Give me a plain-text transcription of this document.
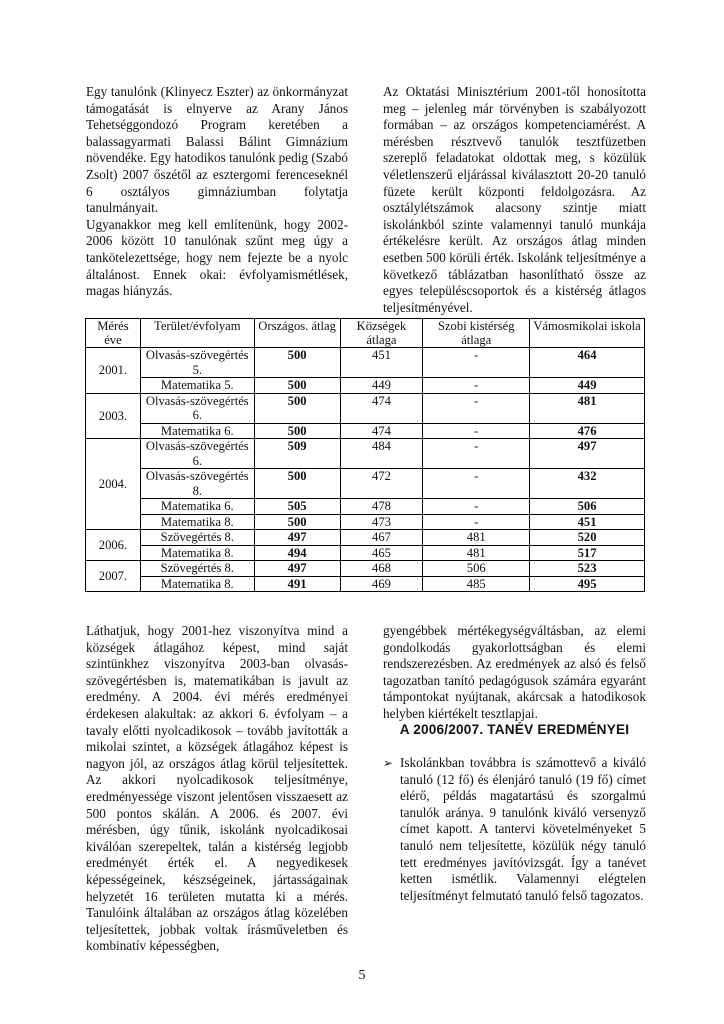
Egy tanulónk (Klinyecz Eszter) az önkormányzat támogatását is elnyerve az Arany János Tehetséggondozó Program keretében a balassagyarmati Balassi Bálint Gimnázium növendéke. Egy hatodikos tanulónk pedig (Szabó Zsolt) 2007 őszétől az esztergomi ferenceseknél 6 osztályos gimnáziumban folytatja tanulmányait.

Ugyanakkor meg kell említenünk, hogy 2002-2006 között 10 tanulónak szűnt meg úgy a tankötelezettsége, hogy nem fejezte be a nyolc általánost. Ennek okai: évfolyamismétlések, magas hiányzás.

Az Oktatási Minisztérium 2001-től honosította meg – jelenleg már törvényben is szabályozott formában – az országos kompetenciamérést. A mérésben résztvevő tanulók tesztfüzetben szereplő feladatokat oldottak meg, s közülük véletlenszerű eljárással kiválasztott 20-20 tanuló füzete került központi feldolgozásra. Az osztálylétszámok alacsony szintje miatt iskolánkból szinte valamennyi tanuló munkája értékelésre került. Az országos átlag minden esetben 500 körüli érték. Iskolánk teljesítménye a következő táblázatban hasonlítható össze az egyes településcsoportok és a kistérség átlagos teljesítményével.

Mérés éve	Terület/évfolyam	Országos. átlag	Községek átlaga	Szobi kistérség átlaga	Vámosmikolai iskola
2001.	Olvasás-szövegértés 5.	500	451	-	464
	Matematika 5.	500	449	-	449
2003.	Olvasás-szövegértés 6.	500	474	-	481
	Matematika 6.	500	474	-	476
2004.	Olvasás-szövegértés 6.	509	484	-	497
	Olvasás-szövegértés 8.	500	472	-	432
	Matematika 6.	505	478	-	506
	Matematika 8.	500	473	-	451
2006.	Szövegértés 8.	497	467	481	520
	Matematika 8.	494	465	481	517
2007.	Szövegértés 8.	497	468	506	523
	Matematika 8.	491	469	485	495

Láthatjuk, hogy 2001-hez viszonyítva mind a községek átlagához képest, mind saját szintünkhez viszonyítva 2003-ban olvasás-szövegértésben is, matematikában is javult az eredmény. A 2004. évi mérés eredményei érdekesen alakultak: az akkori 6. évfolyam – a tavaly előtti nyolcadikosok – tovább javították a mikolai szintet, a községek átlagához képest is nagyon jól, az országos átlag körül teljesítettek. Az akkori nyolcadikosok teljesítménye, eredményessége viszont jelentősen visszaesett az 500 pontos skálán. A 2006. és 2007. évi mérésben, úgy tűnik, iskolánk nyolcadikosai kiválóan szerepeltek, talán a kistérség legjobb eredményét érték el. A negyedikesek képességeinek, készségeinek, jártasságainak helyzetét 16 területen mutatta ki a mérés. Tanulóink általában az országos átlag közelében teljesítettek, jobbak voltak írásműveletben és kombinatív képességben,

gyengébbek mértékegységváltásban, az elemi gondolkodás gyakorlottságban és elemi rendszerezésben. Az eredmények az alsó és felső tagozatban tanító pedagógusok számára egyaránt támpontokat nyújtanak, akárcsak a hatodikosok helyben kiértékelt tesztlapjai.

A 2006/2007. TANÉV EREDMÉNYEI
➢ Iskolánkban továbbra is számottevő a kiváló tanuló (12 fő) és élenjáró tanuló (19 fő) címet elérő, példás magatartású és szorgalmú tanulók aránya. 9 tanulónk kiváló versenyző címet kapott. A tantervi követelményeket 5 tanuló nem teljesítette, közülük négy tanuló tett eredményes javítóvizsgát. Így a tanévet ketten ismétlik. Valamennyi elégtelen teljesítményt felmutató tanuló felső tagozatos.
5
